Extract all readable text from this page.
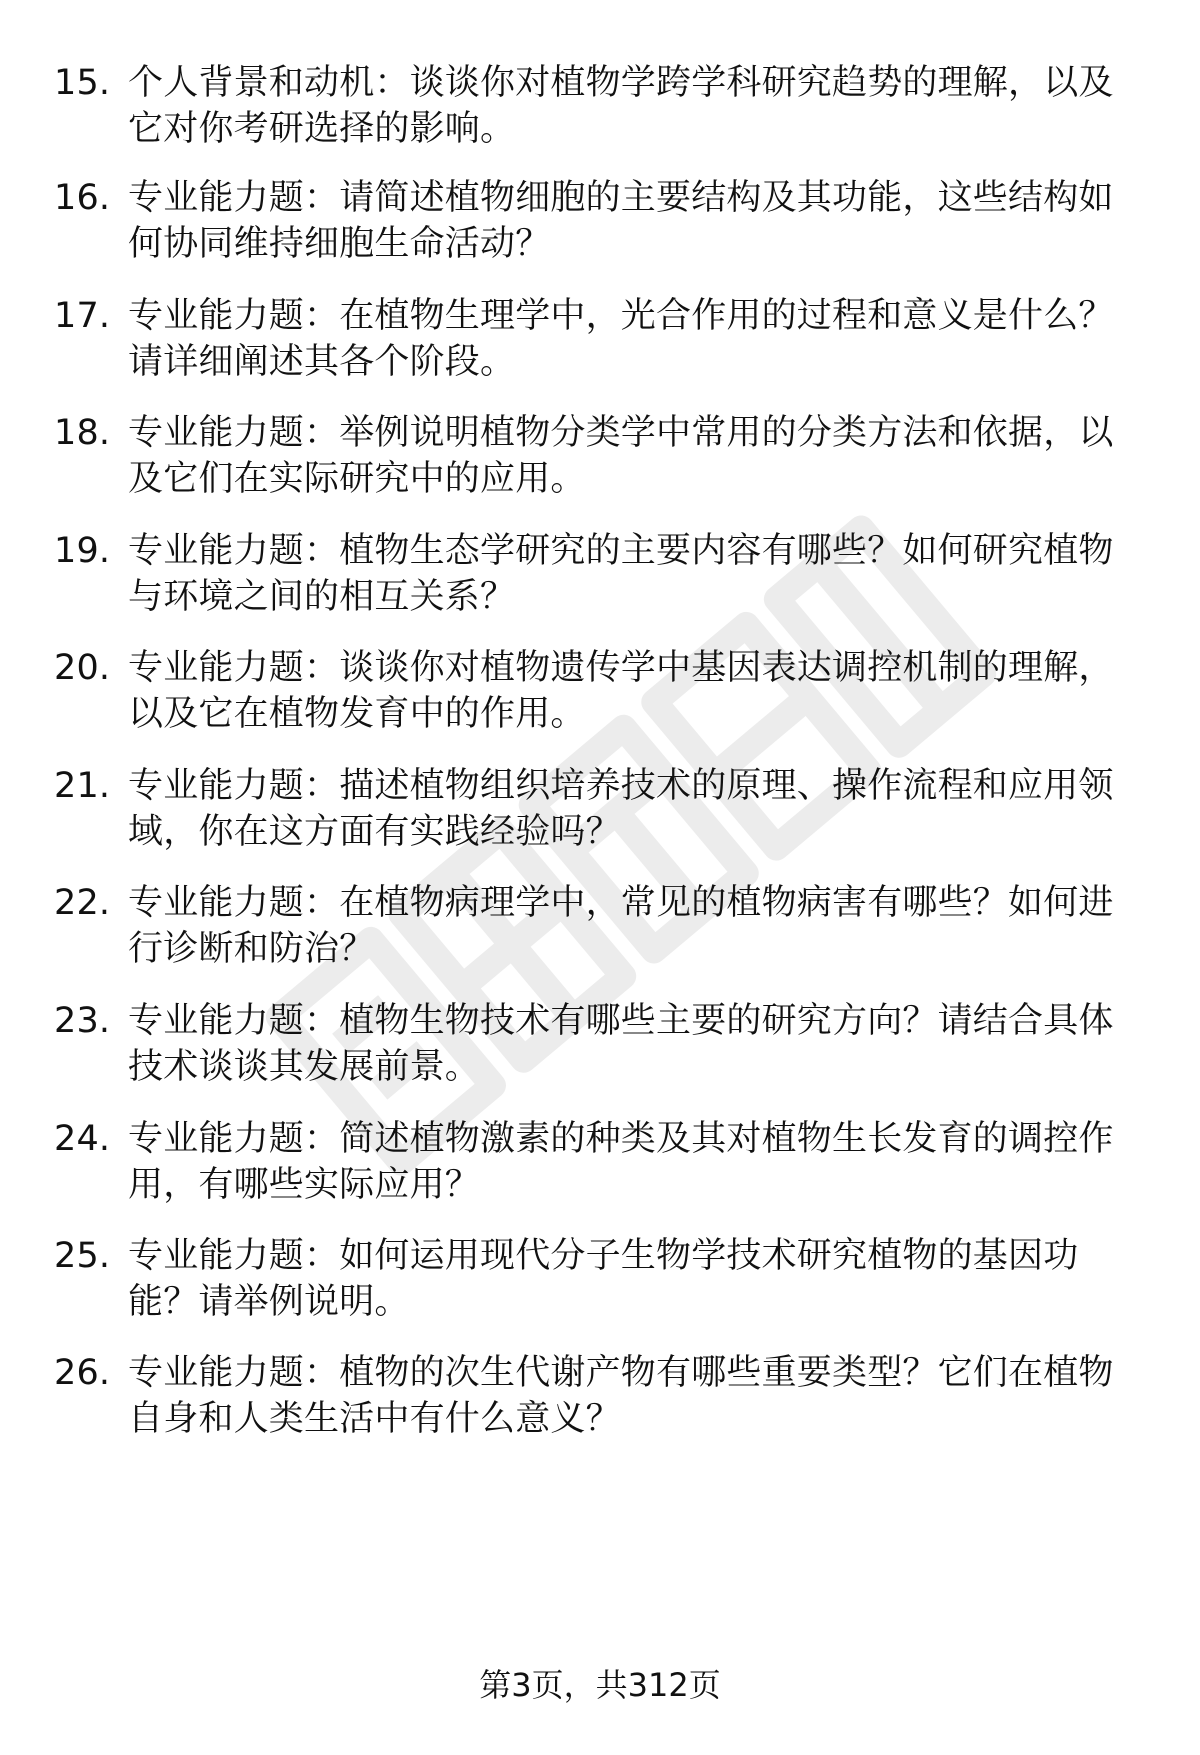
15. 个人背景和动机：谈谈你对植物学跨学科研究趋势的理解，以及它对你考研选择的影响。
16. 专业能力题：请简述植物细胞的主要结构及其功能，这些结构如何协同维持细胞生命活动？
17. 专业能力题：在植物生理学中，光合作用的过程和意义是什么？请详细阐述其各个阶段。
18. 专业能力题：举例说明植物分类学中常用的分类方法和依据，以及它们在实际研究中的应用。
19. 专业能力题：植物生态学研究的主要内容有哪些？如何研究植物与环境之间的相互关系？
20. 专业能力题：谈谈你对植物遗传学中基因表达调控机制的理解，以及它在植物发育中的作用。
21. 专业能力题：描述植物组织培养技术的原理、操作流程和应用领域，你在这方面有实践经验吗？
22. 专业能力题：在植物病理学中，常见的植物病害有哪些？如何进行诊断和防治？
23. 专业能力题：植物生物技术有哪些主要的研究方向？请结合具体技术谈谈其发展前景。
24. 专业能力题：简述植物激素的种类及其对植物生长发育的调控作用，有哪些实际应用？
25. 专业能力题：如何运用现代分子生物学技术研究植物的基因功能？请举例说明。
26. 专业能力题：植物的次生代谢产物有哪些重要类型？它们在植物自身和人类生活中有什么意义？
第3页，共312页
